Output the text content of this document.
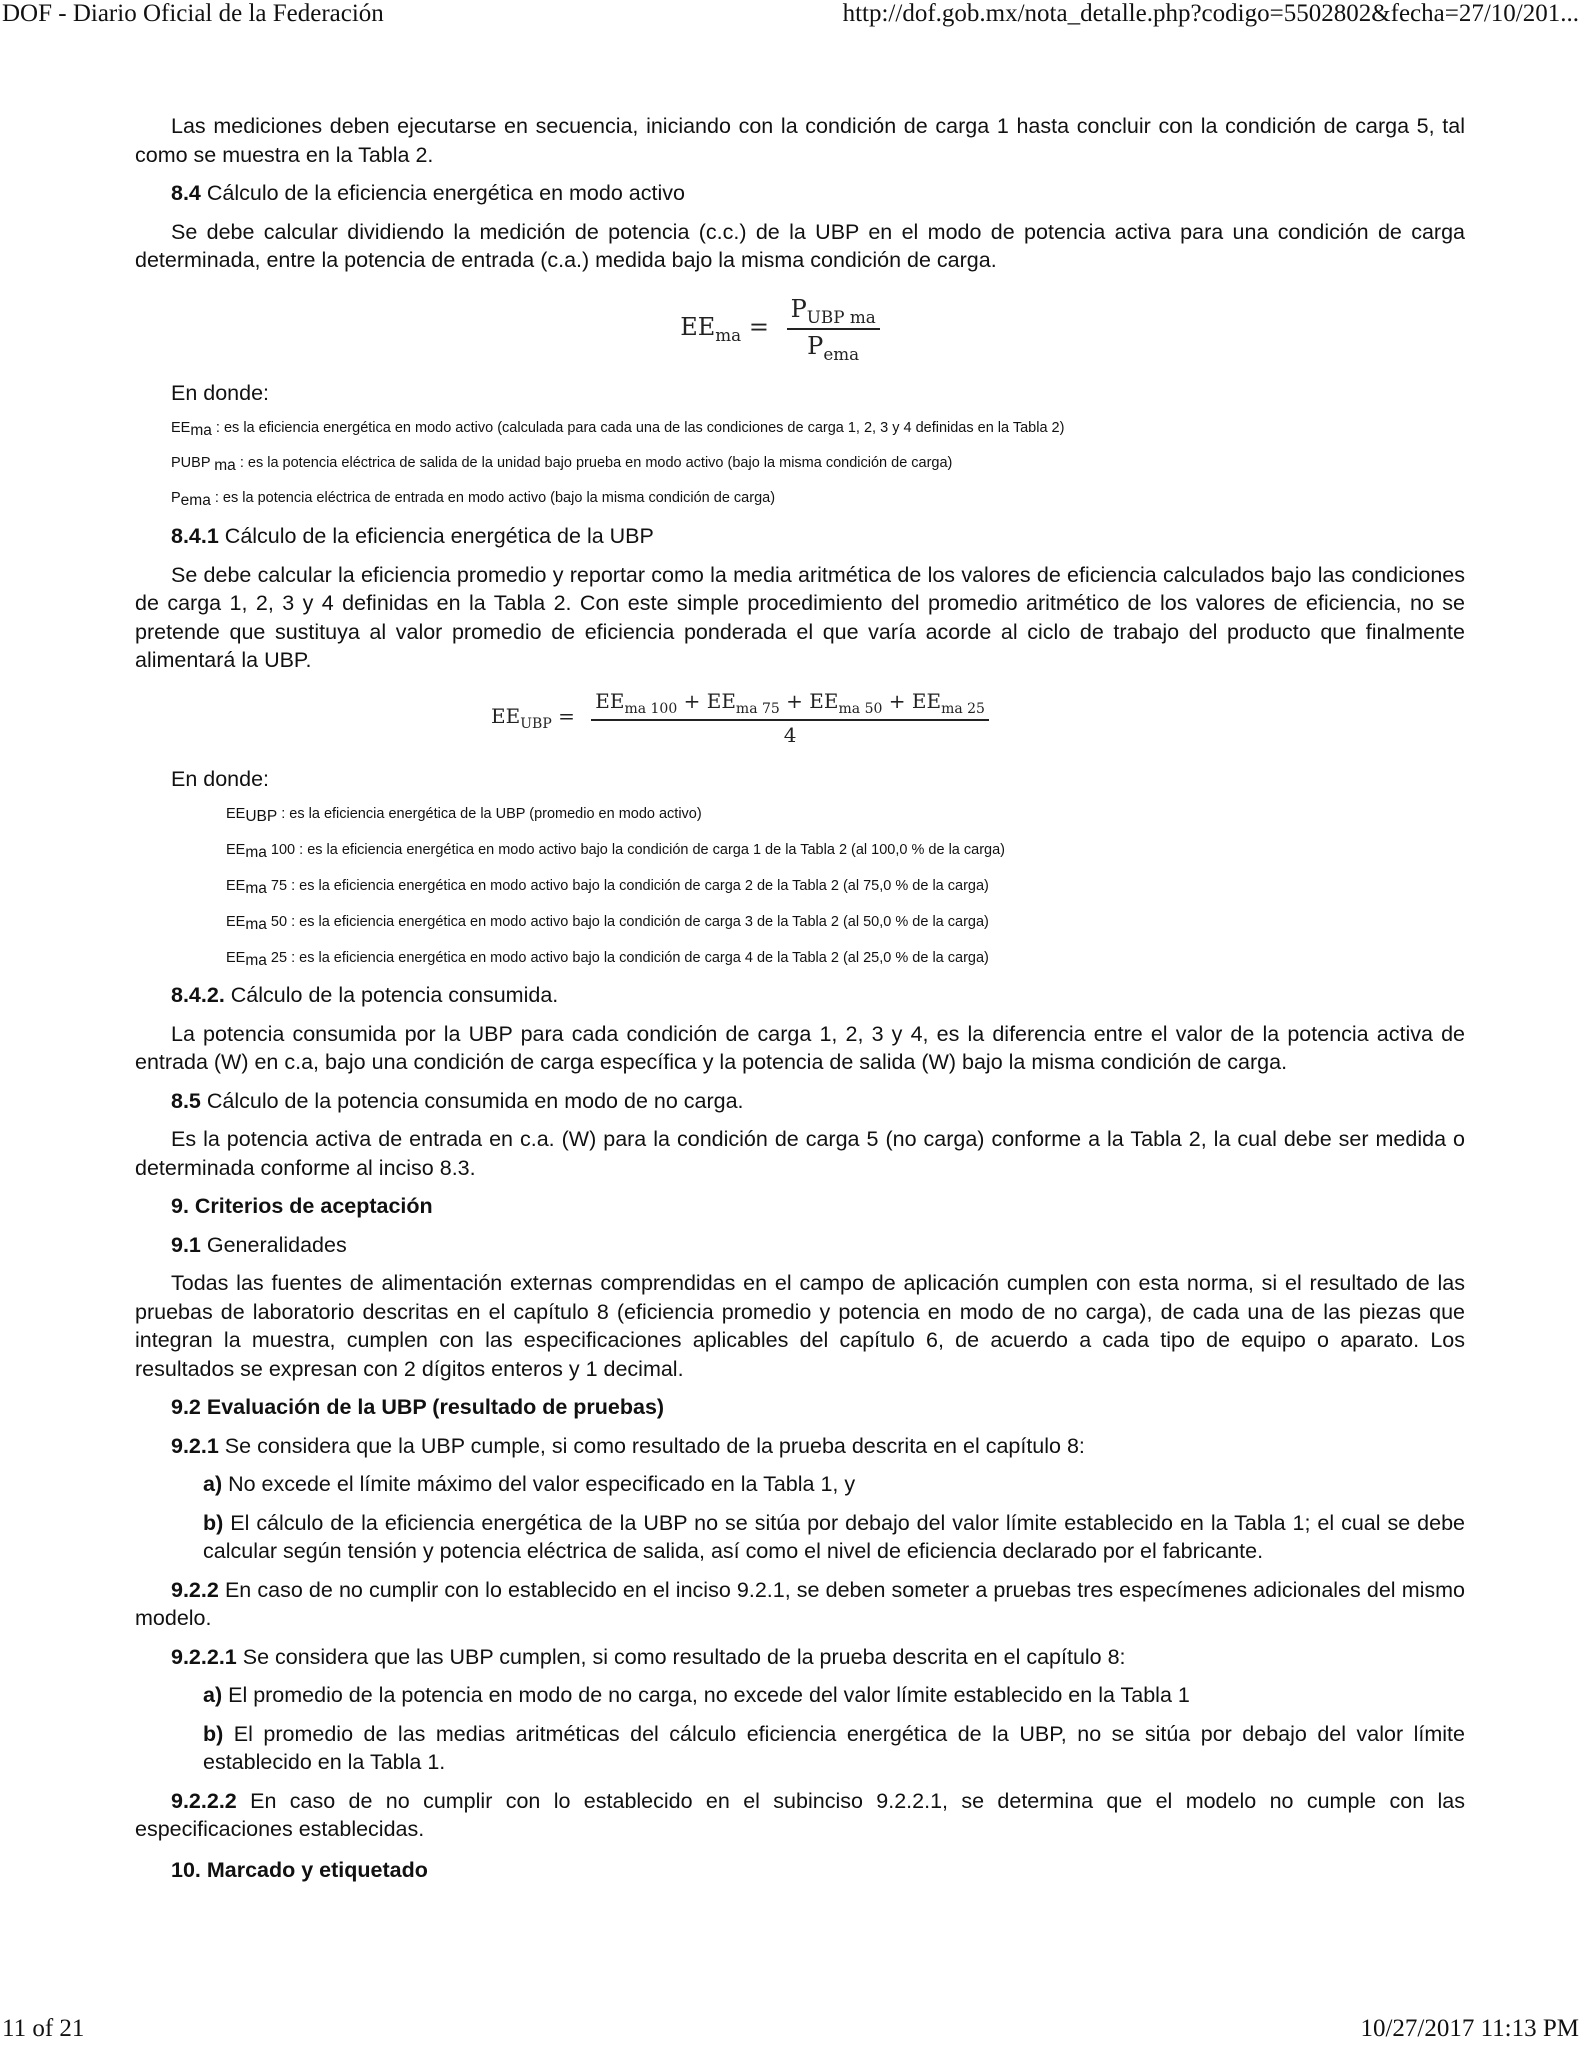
DOF - Diario Oficial de la Federación	http://dof.gob.mx/nota_detalle.php?codigo=5502802&fecha=27/10/201...

Las mediciones deben ejecutarse en secuencia, iniciando con la condición de carga 1 hasta concluir con la condición de carga 5, tal como se muestra en la Tabla 2.

8.4 Cálculo de la eficiencia energética en modo activo

Se debe calcular dividiendo la medición de potencia (c.c.) de la UBP en el modo de potencia activa para una condición de carga determinada, entre la potencia de entrada (c.a.) medida bajo la misma condición de carga.

$EE_{ma} = \frac{P_{UBP ma}}{P_{ema}}$

En donde:

$EE_{ma}$ : es la eficiencia energética en modo activo (calculada para cada una de las condiciones de carga 1, 2, 3 y 4 definidas en la Tabla 2)

PUBP $_{ma}$ : es la potencia eléctrica de salida de la unidad bajo prueba en modo activo (bajo la misma condición de carga)

$P_{ema}$ : es la potencia eléctrica de entrada en modo activo (bajo la misma condición de carga)

8.4.1 Cálculo de la eficiencia energética de la UBP

Se debe calcular la eficiencia promedio y reportar como la media aritmética de los valores de eficiencia calculados bajo las condiciones de carga 1, 2, 3 y 4 definidas en la Tabla 2. Con este simple procedimiento del promedio aritmético de los valores de eficiencia, no se pretende que sustituya al valor promedio de eficiencia ponderada el que varía acorde al ciclo de trabajo del producto que finalmente alimentará la UBP.

$EE_{UBP}$ =
$EE_{ma 100} + EE_{ma 75} + EE_{ma 50} + EE_{ma 25}$
4

En donde:

$EE_{UBP}$ : es la eficiencia energética de la UBP (promedio en modo activo)

$EE_{ma}$ 100 : es la eficiencia energética en modo activo bajo la condición de carga 1 de la Tabla 2 (al 100,0 % de la carga)

$EE_{ma}$ 75 : es la eficiencia energética en modo activo bajo la condición de carga 2 de la Tabla 2 (al 75,0 % de la carga)

$EE_{ma}$ 50 : es la eficiencia energética en modo activo bajo la condición de carga 3 de la Tabla 2 (al 50,0 % de la carga)

$EE_{ma}$ 25 : es la eficiencia energética en modo activo bajo la condición de carga 4 de la Tabla 2 (al 25,0 % de la carga)

8.4.2. Cálculo de la potencia consumida.

La potencia consumida por la UBP para cada condición de carga 1, 2, 3 y 4, es la diferencia entre el valor de la potencia activa de entrada (W) en c.a, bajo una condición de carga específica y la potencia de salida (W) bajo la misma condición de carga.

8.5 Cálculo de la potencia consumida en modo de no carga.

Es la potencia activa de entrada en c.a. (W) para la condición de carga 5 (no carga) conforme a la Tabla 2, la cual debe ser medida o determinada conforme al inciso 8.3.

9. Criterios de aceptación

9.1 Generalidades

Todas las fuentes de alimentación externas comprendidas en el campo de aplicación cumplen con esta norma, si el resultado de las pruebas de laboratorio descritas en el capítulo 8 (eficiencia promedio y potencia en modo de no carga), de cada una de las piezas que integran la muestra, cumplen con las especificaciones aplicables del capítulo 6, de acuerdo a cada tipo de equipo o aparato. Los resultados se expresan con 2 dígitos enteros y 1 decimal.

9.2 Evaluación de la UBP (resultado de pruebas)

9.2.1 Se considera que la UBP cumple, si como resultado de la prueba descrita en el capítulo 8:

a) No excede el límite máximo del valor especificado en la Tabla 1, y

b) El cálculo de la eficiencia energética de la UBP no se sitúa por debajo del valor límite establecido en la Tabla 1; el cual se debe calcular según tensión y potencia eléctrica de salida, así como el nivel de eficiencia declarado por el fabricante.

9.2.2 En caso de no cumplir con lo establecido en el inciso 9.2.1, se deben someter a pruebas tres especímenes adicionales del mismo modelo.

9.2.2.1 Se considera que las UBP cumplen, si como resultado de la prueba descrita en el capítulo 8:

a) El promedio de la potencia en modo de no carga, no excede del valor límite establecido en la Tabla 1

b) El promedio de las medias aritméticas del cálculo eficiencia energética de la UBP, no se sitúa por debajo del valor límite establecido en la Tabla 1.

9.2.2.2 En caso de no cumplir con lo establecido en el subinciso 9.2.2.1, se determina que el modelo no cumple con las especificaciones establecidas.

10. Marcado y etiquetado

11 of 21	10/27/2017 11:13 PM
